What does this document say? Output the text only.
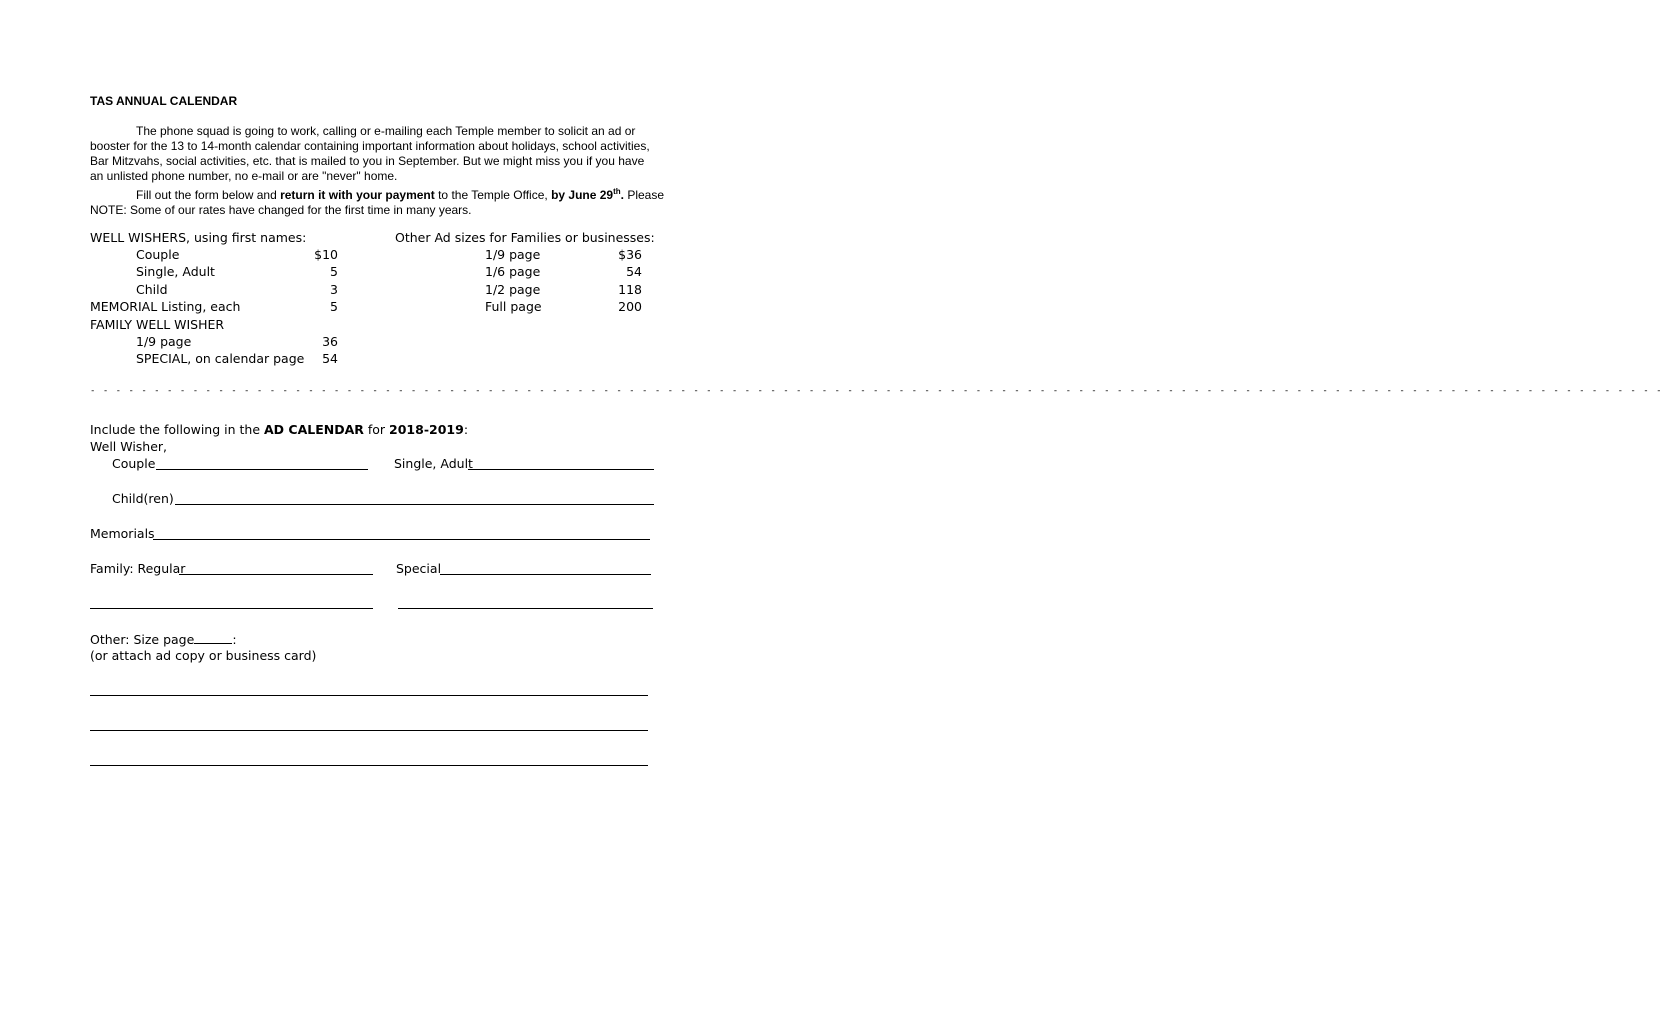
TAS ANNUAL CALENDAR
The phone squad is going to work, calling or e-mailing each Temple member to solicit an ad or
booster for the 13 to 14-month calendar containing important information about holidays, school activities,
Bar Mitzvahs, social activities, etc. that is mailed to you in September. But we might miss you if you have
an unlisted phone number, no e-mail or are "never" home.
Fill out the form below and return it with your payment to the Temple Office, by June 29th. Please
NOTE: Some of our rates have changed for the first time in many years.
WELL WISHERS, using first names:
Couple	$10
Single, Adult	5
Child	3
MEMORIAL Listing, each	5
FAMILY WELL WISHER
1/9 page	36
SPECIAL, on calendar page	54
Other Ad sizes for Families or businesses:
1/9 page	$36
1/6 page	54
1/2 page	118
Full page	200
- - - - - - - - - - - - - - - - - - - - - - - - - - - - - - - - - - - - - - - - - - - - - - - - - - - - - - - - - - - - - - - - - - - - - - - - - - - - - - - - - - - - - - - - - - - - - - - - - - - - - - - - - - - - - - - - - - - - - - - - - - -
Include the following in the AD CALENDAR for 2018-2019:
Well Wisher,
Couple	Single, Adult
Child(ren)
Memorials
Family: Regular	Special
Other: Size page	:
(or attach ad copy or business card)
